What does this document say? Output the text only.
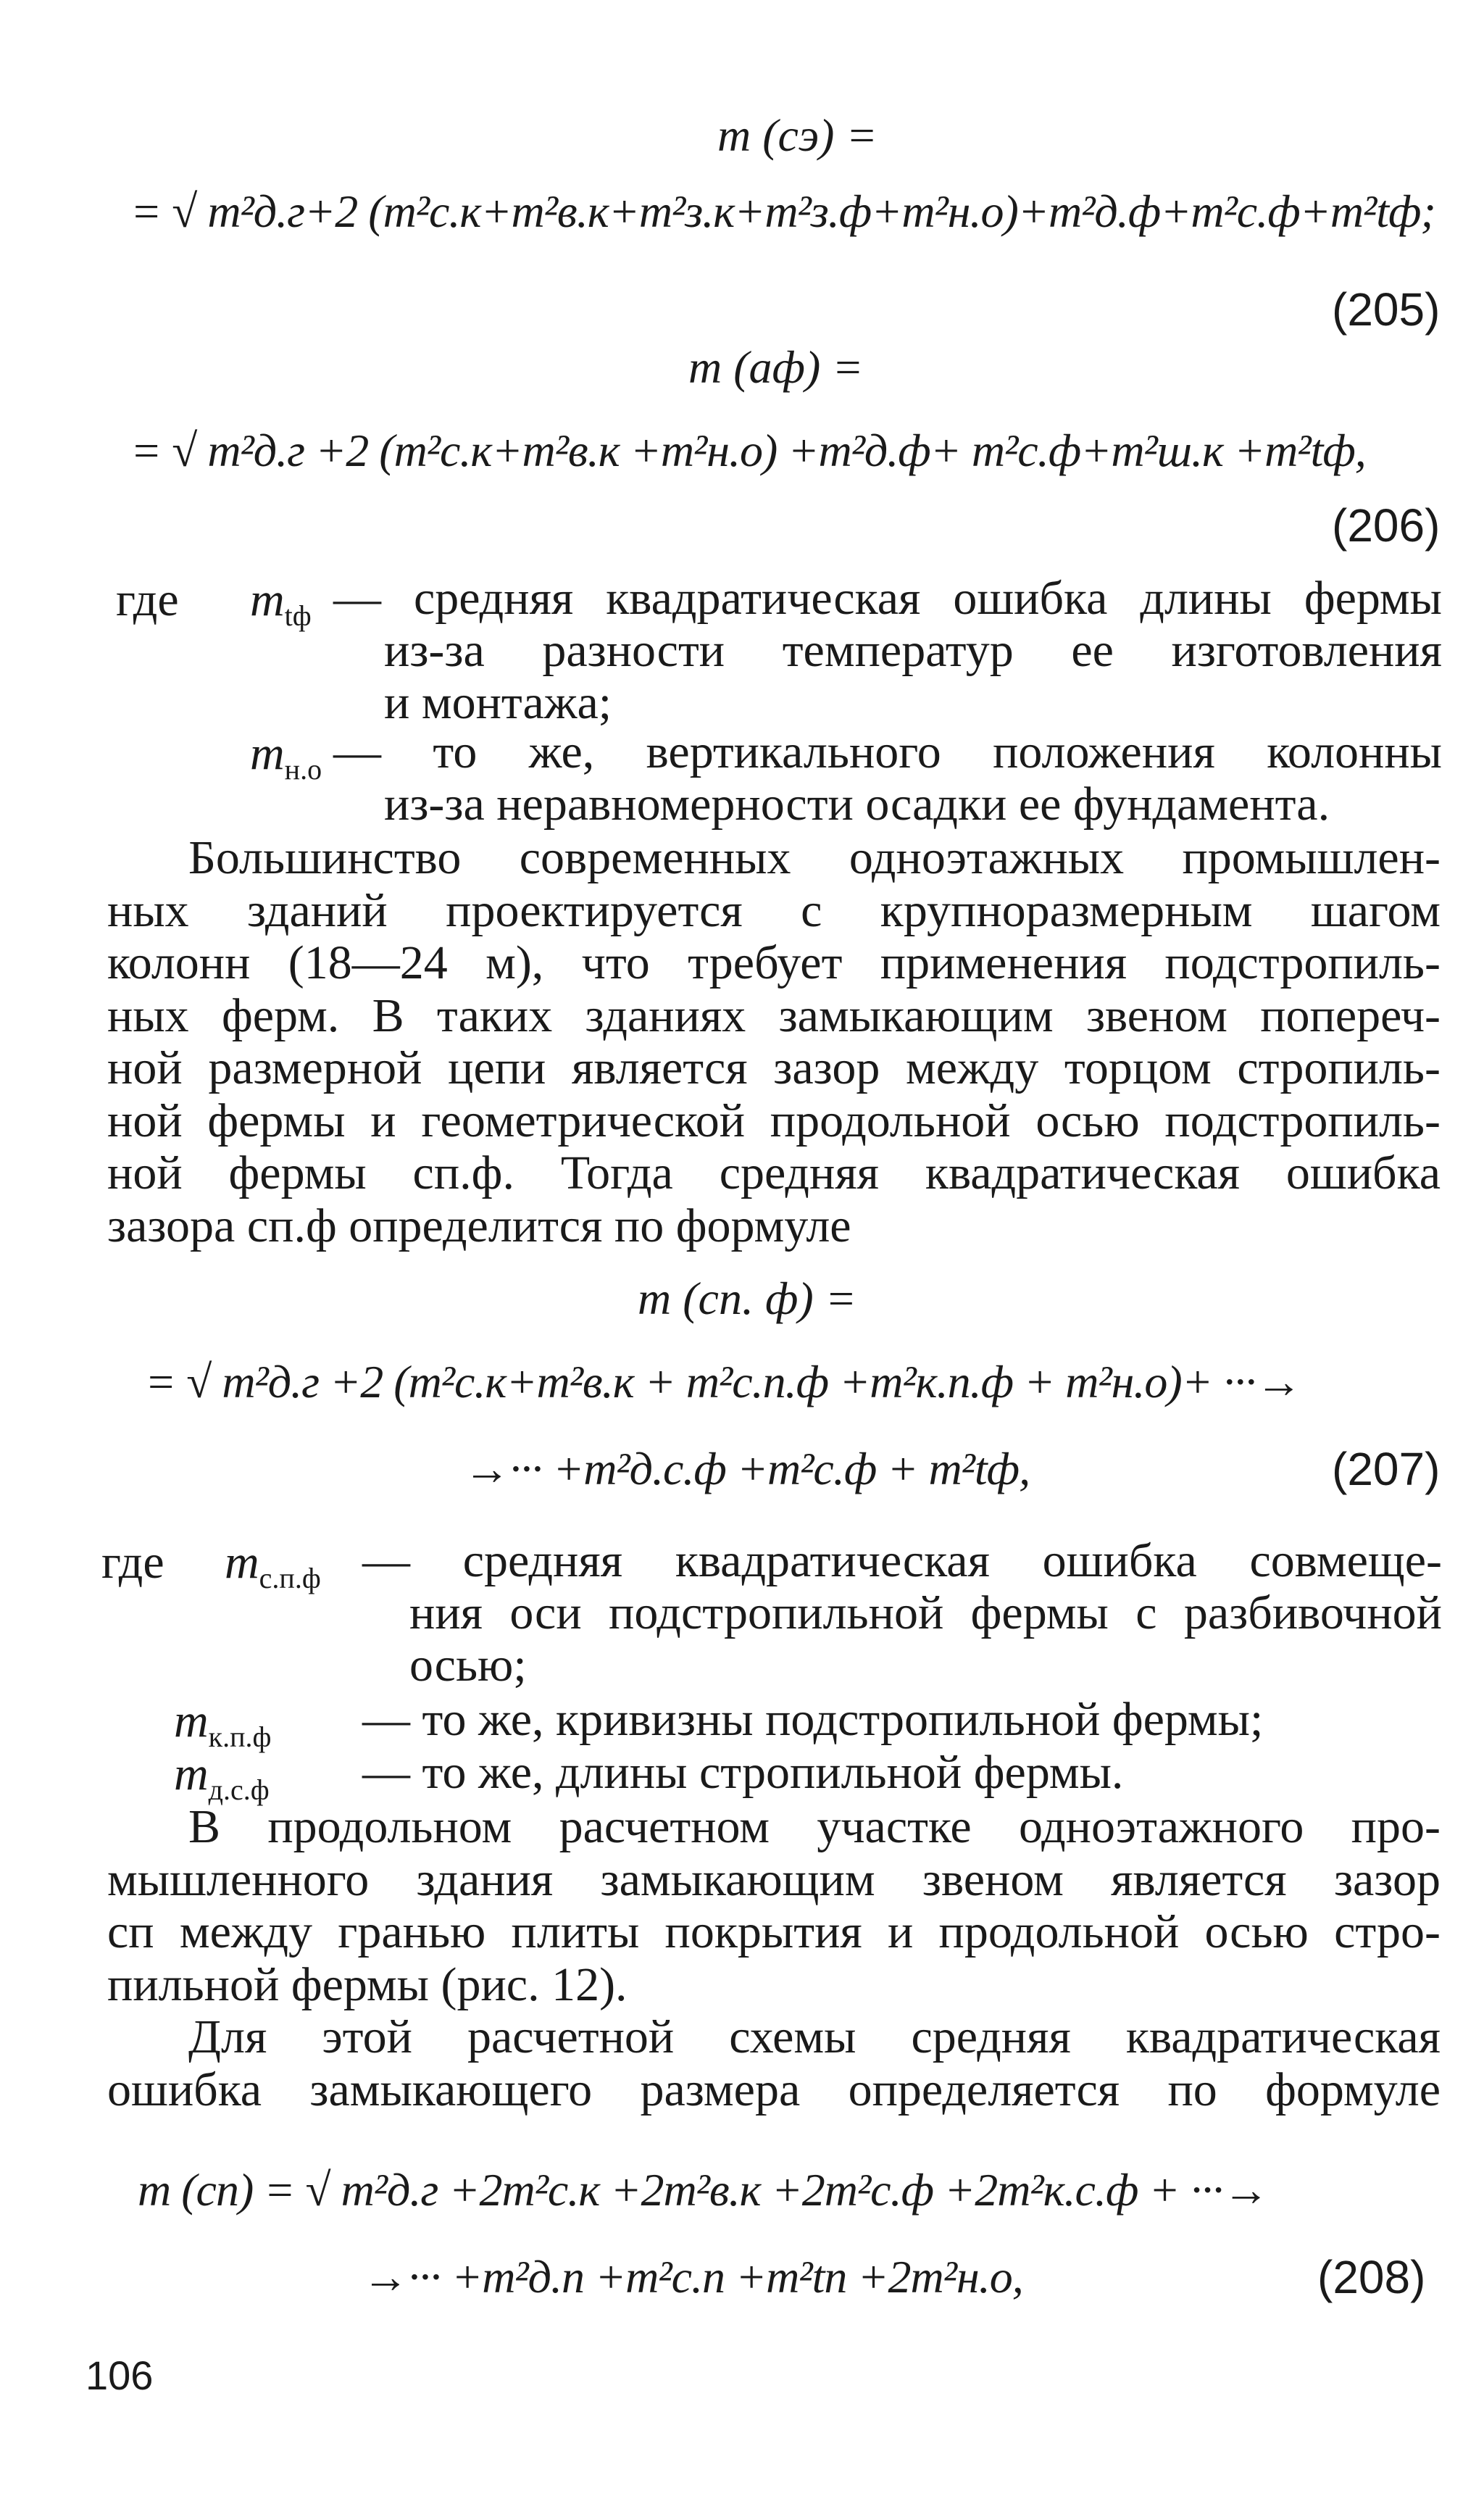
m (cэ) =
= √ m²д.г+2 (m²с.к+m²в.к+m²з.к+m²з.ф+m²н.о)+m²д.ф+m²с.ф+m²tф;
(205)
m (aф) =
= √ m²д.г +2 (m²с.к+m²в.к +m²н.о) +m²д.ф+ m²с.ф+m²ш.к +m²tф,
(206)
где $m_{tф}$ — средняя квадратическая ошибка длины фермы
из-за разности температур ее изготовления
и монтажа;
$m_{н.о}$ — то же, вертикального положения колонны
из-за неравномерности осадки ее фундамента.
Большинство современных одноэтажных промышлен-
ных зданий проектируется с крупноразмерным шагом
колонн (18—24 м), что требует применения подстропиль-
ных ферм. В таких зданиях замыкающим звеном попереч-
ной размерной цепи является зазор между торцом стропиль-
ной фермы и геометрической продольной осью подстропиль-
ной фермы cп.ф. Тогда средняя квадратическая ошибка
зазора cп.ф определится по формуле
m (cп. ф) =
= √ m²д.г +2 (m²с.к+m²в.к + m²с.п.ф +m²к.п.ф + m²н.о)+ ···→
→··· +m²д.с.ф +m²с.ф + m²tф,	(207)
где $m_{с.п.ф}$ — средняя квадратическая ошибка совмеще-
ния оси подстропильной фермы с разбивочной
осью;
$m_{к.п.ф}$ — то же, кривизны подстропильной фермы;
$m_{д.с.ф}$ — то же, длины стропильной фермы.
В продольном расчетном участке одноэтажного про-
мышленного здания замыкающим звеном является зазор
cп между гранью плиты покрытия и продольной осью стро-
пильной фермы (рис. 12).
Для этой расчетной схемы средняя квадратическая
ошибка замыкающего размера определяется по формуле
m (cп) = √ m²д.г +2m²с.к +2m²в.к +2m²с.ф +2m²к.с.ф + ···→
→··· +m²д.п +m²с.п +m²tп +2m²н.о,	(208)
106
